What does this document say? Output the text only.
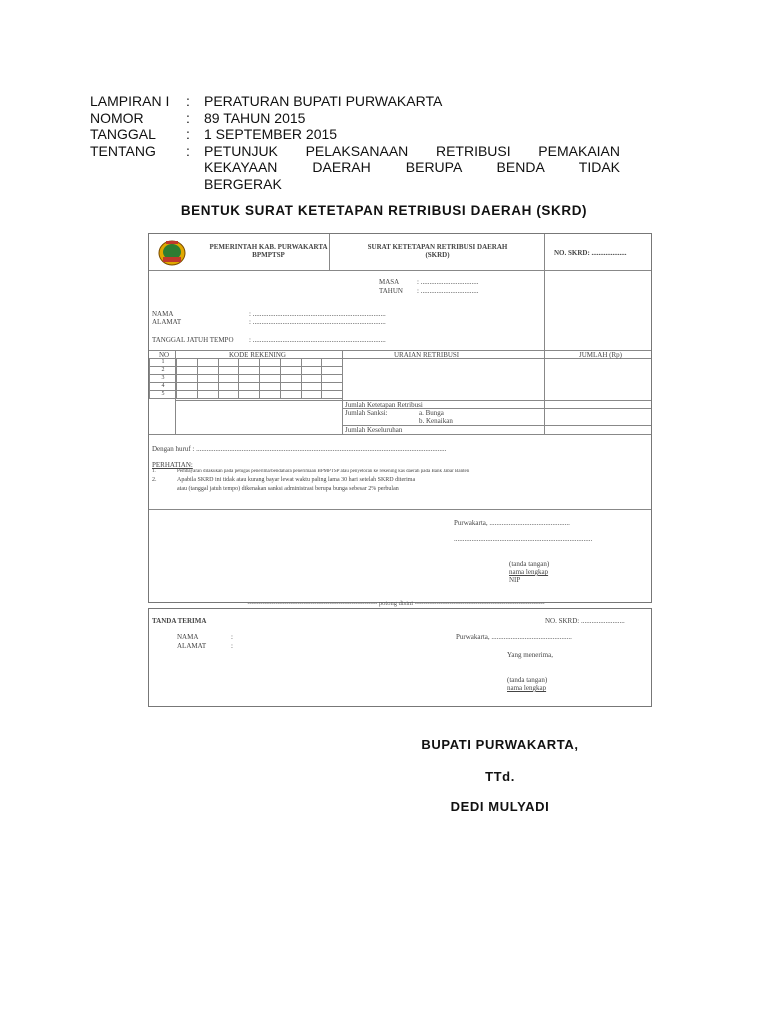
LAMPIRAN I	:	PERATURAN BUPATI PURWAKARTA
NOMOR	:	89 TAHUN 2015
TANGGAL	:	1 SEPTEMBER 2015
TENTANG	:	PETUNJUK PELAKSANAAN RETRIBUSI PEMAKAIAN
KEKAYAAN DAERAH BERUPA BENDA TIDAK
BERGERAK
BENTUK SURAT KETETAPAN RETRIBUSI DAERAH (SKRD)
PEMERINTAH KAB. PURWAKARTA
BPMPTSP
SURAT KETETAPAN RETRIBUSI DAERAH
(SKRD)	NO. SKRD: ....................
MASA	: .................................
TAHUN : .................................
NAMA	: ............................................................................
ALAMAT	: ............................................................................
TANGGAL JATUH TEMPO : ............................................................................
NO	KODE REKENING	URAIAN RETRIBUSI	JUMLAH (Rp)
1								
2								
3								
4								
5								
Jumlah Ketetapan Retribusi
Jumlah Sanksi:	a. Bunga
b. Kenaikan
Jumlah Keseluruhan
Dengan huruf : ...............................................................................................................................................
PERHATIAN:
1.	Pembayaran dilakukan pada petugas penerima/bendahara penerimaan BPMPTSP atau penyetoran ke rekening kas daerah pada Bank Jabar Banten
2.	Apabila SKRD ini tidak atau kurang bayar lewat waktu paling lama 30 hari setelah SKRD diterima
atau (tanggal jatuh tempo) dikenakan sanksi administrasi berupa bunga sebesar 2% perbulan
Purwakarta, ..............................................
...............................................................................
(tanda tangan)
nama lengkap
NIP
------------------------------------------------------------ potong disini ------------------------------------------------------------
TANDA TERIMA	NO. SKRD: .........................
NAMA	:
ALAMAT	:
Purwakarta, ..............................................
Yang menerima,
(tanda tangan)
nama lengkap
BUPATI PURWAKARTA,
TTd.
DEDI MULYADI
